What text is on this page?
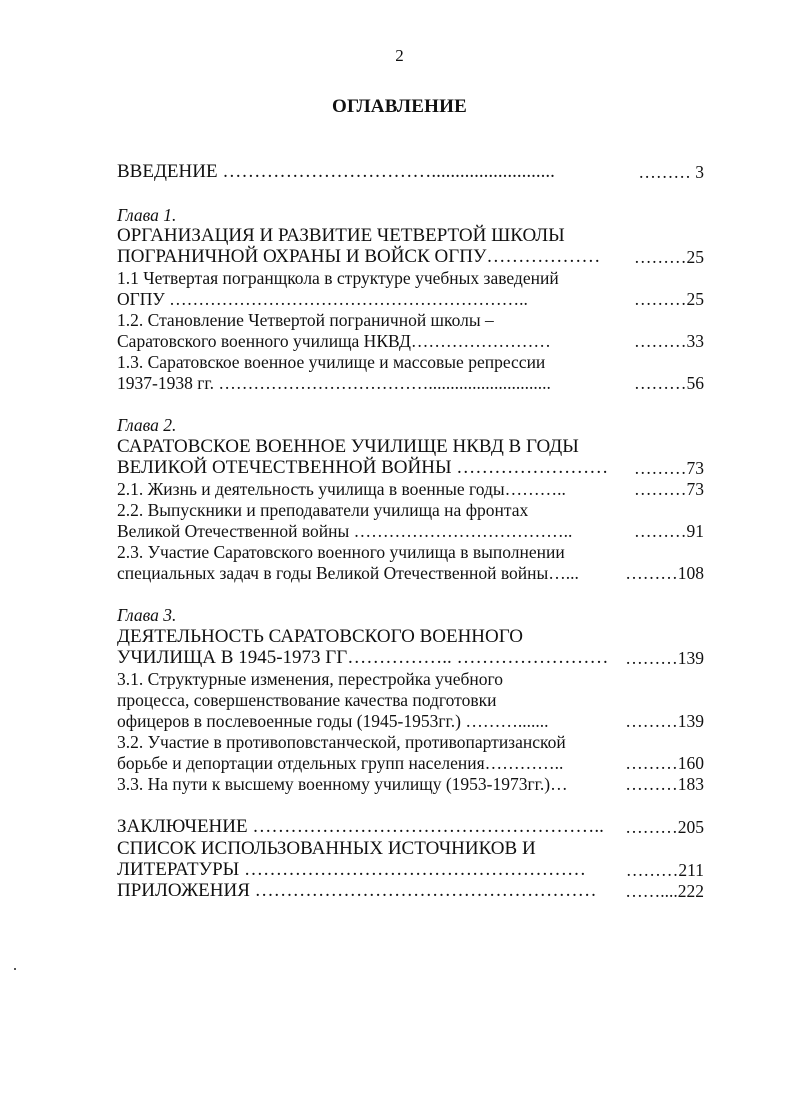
2
ОГЛАВЛЕНИЕ
ВВЕДЕНИЕ ……………………………..........................	……… 3
Глава 1.
ОРГАНИЗАЦИЯ И РАЗВИТИЕ ЧЕТВЕРТОЙ ШКОЛЫ
ПОГРАНИЧНОЙ ОХРАНЫ И ВОЙСК ОГПУ……………… ………25
1.1 Четвертая погранщкола в структуре учебных заведений
ОГПУ ……………………………………………………..	………25
1.2. Становление Четвертой пограничной школы –
Саратовского военного училища НКВД……………………	………33
1.3. Саратовское военное училище и массовые репрессии
1937-1938 гг. ………………………………............................	………56
Глава 2.
САРАТОВСКОЕ ВОЕННОЕ УЧИЛИЩЕ НКВД В ГОДЫ
ВЕЛИКОЙ ОТЕЧЕСТВЕННОЙ ВОЙНЫ …………………… ………73
2.1. Жизнь и деятельность училища в военные годы………..	………73
2.2. Выпускники и преподаватели училища на фронтах
Великой Отечественной войны ………………………………..	………91
2.3. Участие Саратовского военного училища в выполнении
специальных задач в годы Великой Отечественной войны…...	………108
Глава 3.
ДЕЯТЕЛЬНОСТЬ САРАТОВСКОГО ВОЕННОГО
УЧИЛИЩА В 1945-1973 ГГ…………….. …………………… ………139
3.1. Структурные изменения, перестройка учебного
процесса, совершенствование качества подготовки
офицеров в послевоенные годы (1945-1953гг.) ……….......	………139
3.2. Участие в противоповстанческой, противопартизанской
борьбе и депортации отдельных групп населения…………..	………160
3.3. На пути к высшему военному училищу (1953-1973гг.)…	………183
ЗАКЛЮЧЕНИЕ ……………………………………………….. ………205
СПИСОК ИСПОЛЬЗОВАННЫХ ИСТОЧНИКОВ И
ЛИТЕРАТУРЫ ……………………………………………… ………211
ПРИЛОЖЕНИЯ ……………………………………………… ……....222
